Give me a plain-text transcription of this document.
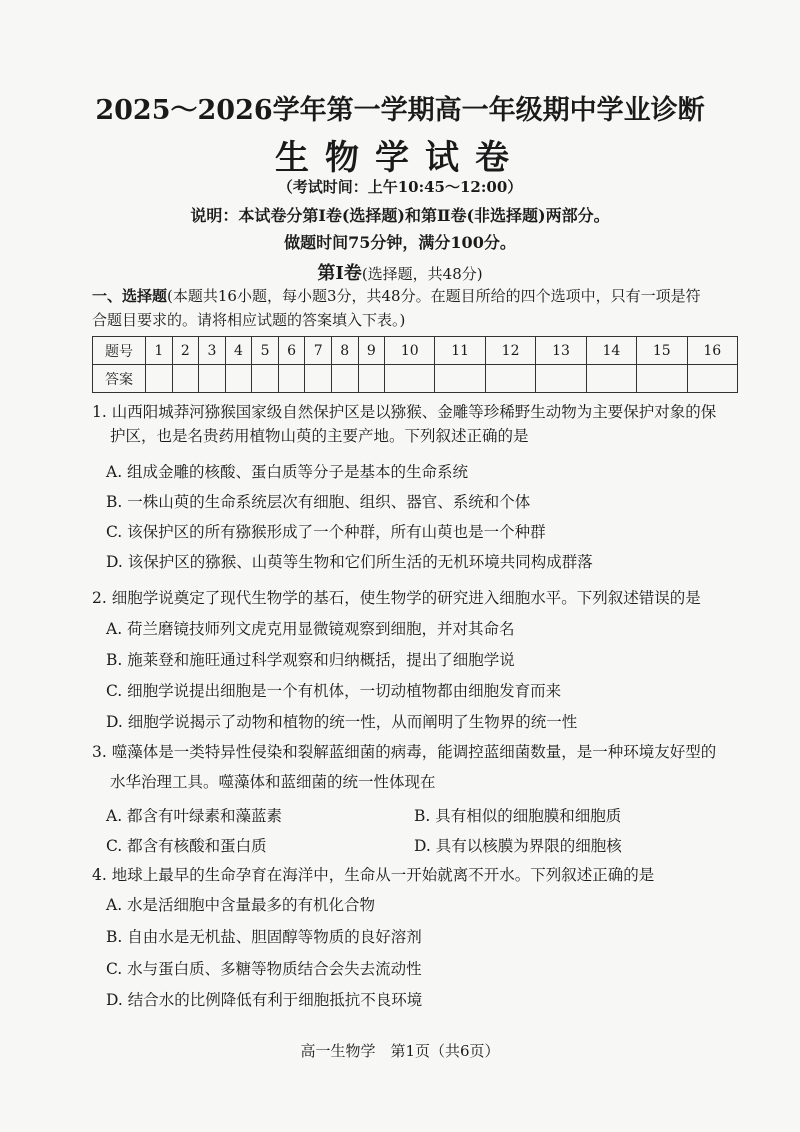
2025～2026学年第一学期高一年级期中学业诊断
生物学试卷
（考试时间：上午10:45～12:00）
说明：本试卷分第Ⅰ卷(选择题)和第Ⅱ卷(非选择题)两部分。
做题时间75分钟，满分100分。
第Ⅰ卷(选择题，共48分)
一、选择题(本题共16小题，每小题3分，共48分。在题目所给的四个选项中，只有一项是符合题目要求的。请将相应试题的答案填入下表。)
题号	1	2	3	4	5	6	7	8	9	10	11	12	13	14	15	16
答案																
1. 山西阳城莽河猕猴国家级自然保护区是以猕猴、金雕等珍稀野生动物为主要保护对象的保
护区，也是名贵药用植物山萸的主要产地。下列叙述正确的是
A. 组成金雕的核酸、蛋白质等分子是基本的生命系统
B. 一株山萸的生命系统层次有细胞、组织、器官、系统和个体
C. 该保护区的所有猕猴形成了一个种群，所有山萸也是一个种群
D. 该保护区的猕猴、山萸等生物和它们所生活的无机环境共同构成群落
2. 细胞学说奠定了现代生物学的基石，使生物学的研究进入细胞水平。下列叙述错误的是
A. 荷兰磨镜技师列文虎克用显微镜观察到细胞，并对其命名
B. 施莱登和施旺通过科学观察和归纳概括，提出了细胞学说
C. 细胞学说提出细胞是一个有机体，一切动植物都由细胞发育而来
D. 细胞学说揭示了动物和植物的统一性，从而阐明了生物界的统一性
3. 噬藻体是一类特异性侵染和裂解蓝细菌的病毒，能调控蓝细菌数量，是一种环境友好型的
水华治理工具。噬藻体和蓝细菌的统一性体现在
A. 都含有叶绿素和藻蓝素	B. 具有相似的细胞膜和细胞质
C. 都含有核酸和蛋白质	D. 具有以核膜为界限的细胞核
4. 地球上最早的生命孕育在海洋中，生命从一开始就离不开水。下列叙述正确的是
A. 水是活细胞中含量最多的有机化合物
B. 自由水是无机盐、胆固醇等物质的良好溶剂
C. 水与蛋白质、多糖等物质结合会失去流动性
D. 结合水的比例降低有利于细胞抵抗不良环境
高一生物学　第1页（共6页）
